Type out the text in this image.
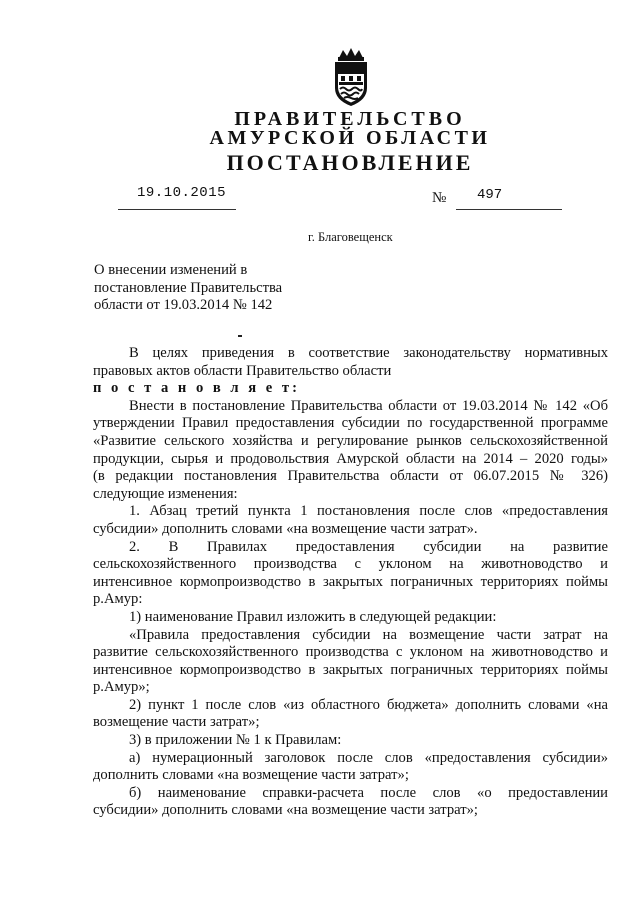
ПРАВИТЕЛЬСТВО
АМУРСКОЙ ОБЛАСТИ
ПОСТАНОВЛЕНИЕ
19.10.2015	№ 497
г. Благовещенск
О внесении изменений в
постановление Правительства
области от 19.03.2014 № 142
В целях приведения в соответствие законодательству нормативных
правовых актов области Правительство области
п о с т а н о в л я е т:
Внести в постановление Правительства области от 19.03.2014 № 142 «Об
утверждении Правил предоставления субсидии по государственной программе
«Развитие сельского хозяйства и регулирование рынков сельскохозяйственной
продукции, сырья и продовольствия Амурской области на 2014 – 2020 годы»
(в редакции постановления Правительства области от 06.07.2015 № 326)
следующие изменения:
1. Абзац третий пункта 1 постановления после слов «предоставления
субсидии» дополнить словами «на возмещение части затрат».
2. В Правилах предоставления субсидии на развитие
сельскохозяйственного производства с уклоном на животноводство и
интенсивное кормопроизводство в закрытых пограничных территориях поймы
р.Амур:
1) наименование Правил изложить в следующей редакции:
«Правила предоставления субсидии на возмещение части затрат на
развитие сельскохозяйственного производства с уклоном на животноводство и
интенсивное кормопроизводство в закрытых пограничных территориях поймы
р.Амур»;
2) пункт 1 после слов «из областного бюджета» дополнить словами «на
возмещение части затрат»;
3) в приложении № 1 к Правилам:
а) нумерационный заголовок после слов «предоставления субсидии»
дополнить словами «на возмещение части затрат»;
б) наименование справки-расчета после слов «о предоставлении
субсидии» дополнить словами «на возмещение части затрат»;
